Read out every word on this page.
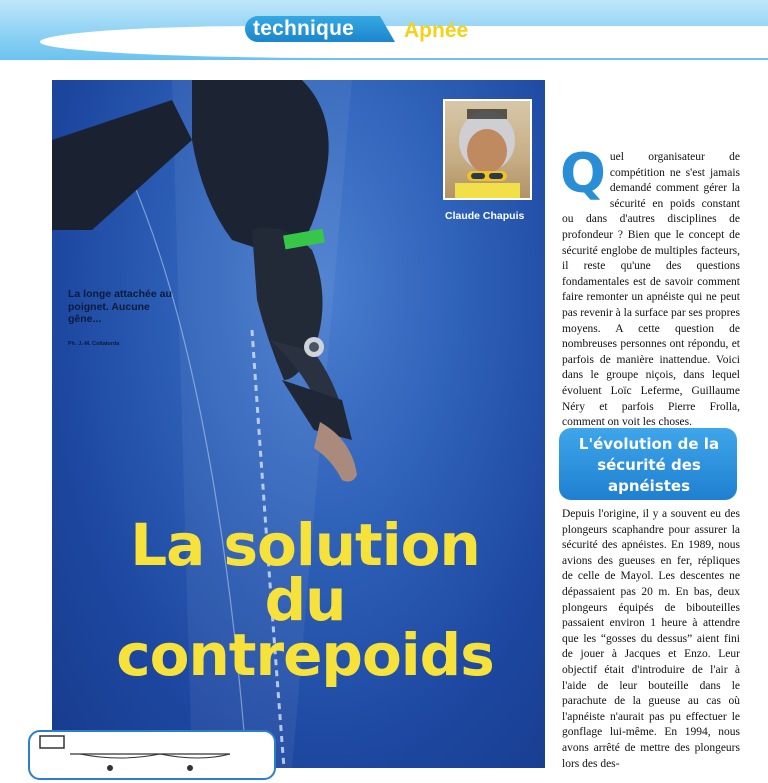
technique Apnée
La longe attachée au poignet. Aucune gêne...
Ph. J.-M. Coltalorda
Claude Chapuis
La solution
du
contrepoids
Q uel organisateur de compétition ne s'est jamais demandé comment gérer la sécurité en poids constant ou dans d'autres disciplines de profondeur ? Bien que le concept de sécurité englobe de multiples facteurs, il reste qu'une des questions fondamentales est de savoir comment faire remonter un apnéiste qui ne peut pas revenir à la surface par ses propres moyens. A cette question de nombreuses personnes ont répondu, et parfois de manière inattendue. Voici dans le groupe niçois, dans lequel évoluent Loïc Leferme, Guillaume Néry et parfois Pierre Frolla, comment on voit les choses.

L'évolution de la sécurité des apnéistes

Depuis l'origine, il y a souvent eu des plongeurs scaphandre pour assurer la sécurité des apnéistes. En 1989, nous avions des gueuses en fer, répliques de celle de Mayol. Les descentes ne dépassaient pas 20 m. En bas, deux plongeurs équipés de bibouteilles passaient environ 1 heure à attendre que les “gosses du dessus” aient fini de jouer à Jacques et Enzo. Leur objectif était d'introduire de l'air à l'aide de leur bouteille dans le parachute de la gueuse au cas où l'apnéiste n'aurait pas pu effectuer le gonflage lui-même. En 1994, nous avons arrêté de mettre des plongeurs lors des des-
